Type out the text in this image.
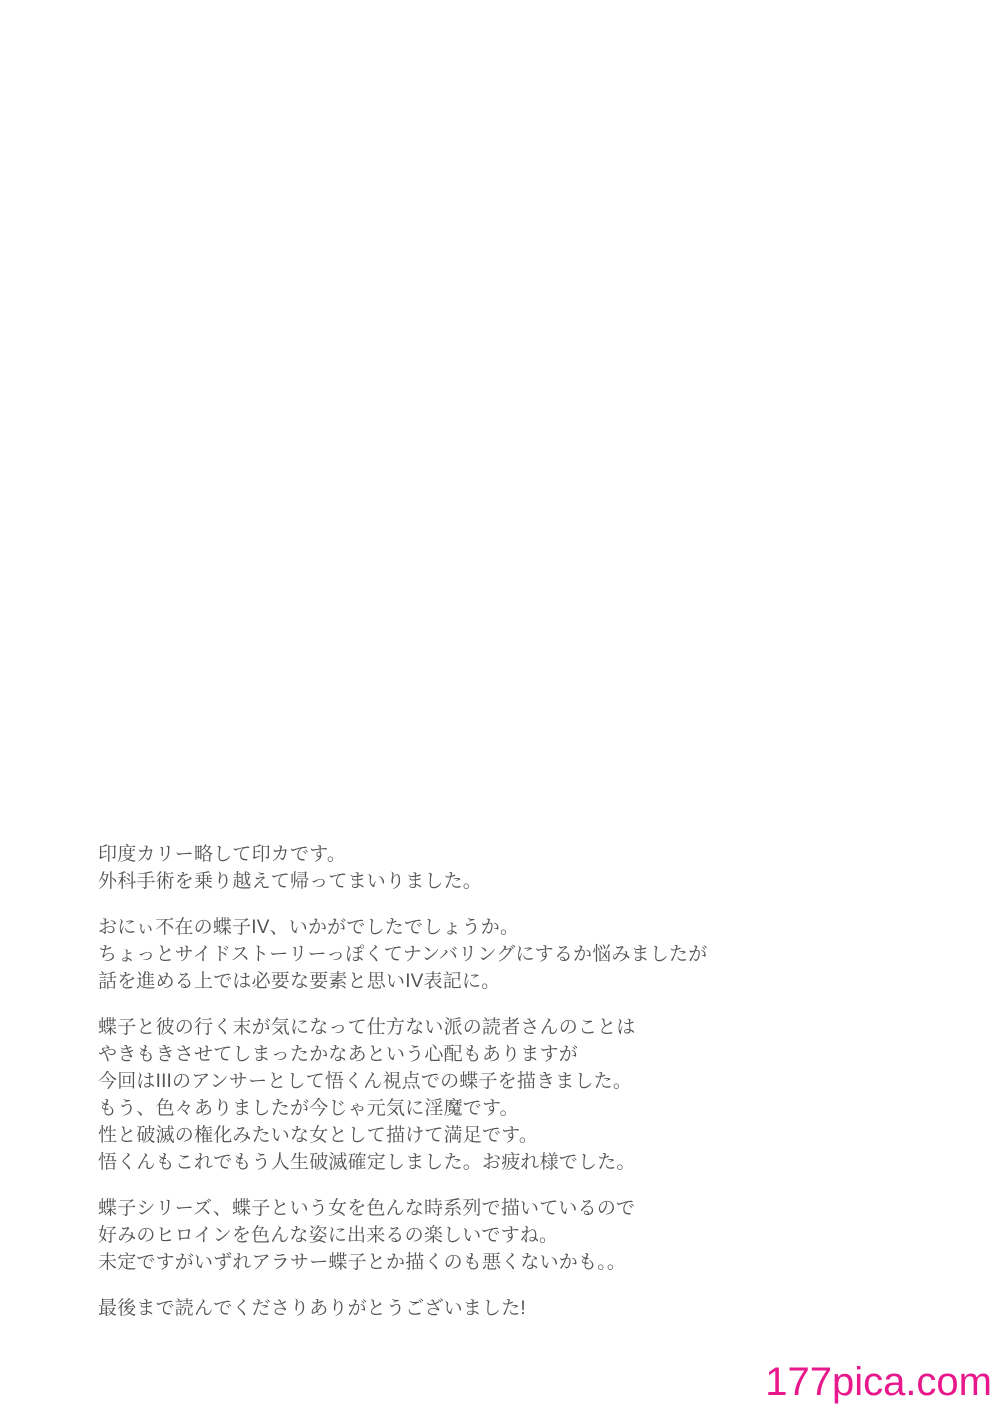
印度カリー略して印カです。
外科手術を乗り越えて帰ってまいりました。
おにぃ不在の蝶子IV、いかがでしたでしょうか。
ちょっとサイドストーリーっぽくてナンバリングにするか悩みましたが
話を進める上では必要な要素と思いIV表記に。
蝶子と彼の行く末が気になって仕方ない派の読者さんのことは
やきもきさせてしまったかなあという心配もありますが
今回はIIIのアンサーとして悟くん視点での蝶子を描きました。
もう、色々ありましたが今じゃ元気に淫魔です。
性と破滅の権化みたいな女として描けて満足です。
悟くんもこれでもう人生破滅確定しました。お疲れ様でした。
蝶子シリーズ、蝶子という女を色んな時系列で描いているので
好みのヒロインを色んな姿に出来るの楽しいですね。
未定ですがいずれアラサー蝶子とか描くのも悪くないかも。。
最後まで読んでくださりありがとうございました!
177pica.com
